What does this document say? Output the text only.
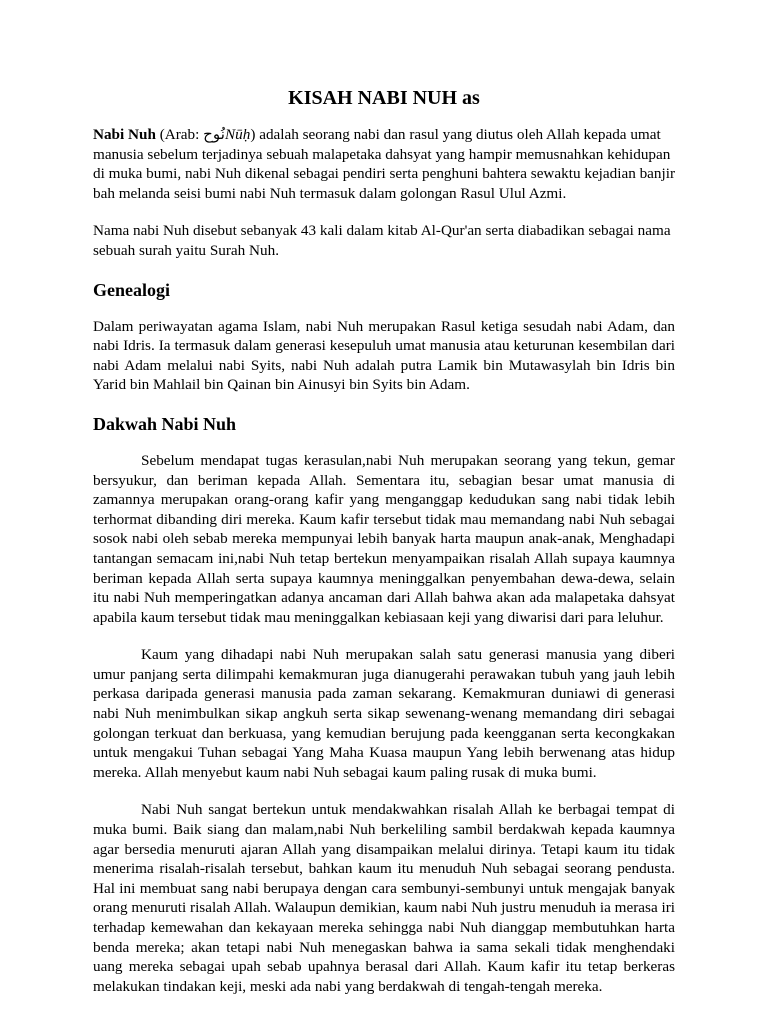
KISAH NABI NUH as

Nabi Nuh (Arab: نُوحNūḥ) adalah seorang nabi dan rasul yang diutus oleh Allah kepada umat manusia sebelum terjadinya sebuah malapetaka dahsyat yang hampir memusnahkan kehidupan di muka bumi, nabi Nuh dikenal sebagai pendiri serta penghuni bahtera sewaktu kejadian banjir bah melanda seisi bumi nabi Nuh termasuk dalam golongan Rasul Ulul Azmi.

Nama nabi Nuh disebut sebanyak 43 kali dalam kitab Al-Qur'an serta diabadikan sebagai nama sebuah surah yaitu Surah Nuh.

Genealogi

Dalam periwayatan agama Islam, nabi Nuh merupakan Rasul ketiga sesudah nabi Adam, dan nabi Idris. Ia termasuk dalam generasi kesepuluh umat manusia atau keturunan kesembilan dari nabi Adam melalui nabi Syits, nabi Nuh adalah putra Lamik bin Mutawasylah bin Idris bin Yarid bin Mahlail bin Qainan bin Ainusyi bin Syits bin Adam.

Dakwah Nabi Nuh

Sebelum mendapat tugas kerasulan,nabi Nuh merupakan seorang yang tekun, gemar bersyukur, dan beriman kepada Allah. Sementara itu, sebagian besar umat manusia di zamannya merupakan orang-orang kafir yang menganggap kedudukan sang nabi tidak lebih terhormat dibanding diri mereka. Kaum kafir tersebut tidak mau memandang nabi Nuh sebagai sosok nabi oleh sebab mereka mempunyai lebih banyak harta maupun anak-anak, Menghadapi tantangan semacam ini,nabi Nuh tetap bertekun menyampaikan risalah Allah supaya kaumnya beriman kepada Allah serta supaya kaumnya meninggalkan penyembahan dewa-dewa, selain itu nabi Nuh memperingatkan adanya ancaman dari Allah bahwa akan ada malapetaka dahsyat apabila kaum tersebut tidak mau meninggalkan kebiasaan keji yang diwarisi dari para leluhur.

Kaum yang dihadapi nabi Nuh merupakan salah satu generasi manusia yang diberi umur panjang serta dilimpahi kemakmuran juga dianugerahi perawakan tubuh yang jauh lebih perkasa daripada generasi manusia pada zaman sekarang. Kemakmuran duniawi di generasi nabi Nuh menimbulkan sikap angkuh serta sikap sewenang-wenang memandang diri sebagai golongan terkuat dan berkuasa, yang kemudian berujung pada keengganan serta kecongkakan untuk mengakui Tuhan sebagai Yang Maha Kuasa maupun Yang lebih berwenang atas hidup mereka. Allah menyebut kaum nabi Nuh sebagai kaum paling rusak di muka bumi.

Nabi Nuh sangat bertekun untuk mendakwahkan risalah Allah ke berbagai tempat di muka bumi. Baik siang dan malam,nabi Nuh berkeliling sambil berdakwah kepada kaumnya agar bersedia menuruti ajaran Allah yang disampaikan melalui dirinya. Tetapi kaum itu tidak menerima risalah-risalah tersebut, bahkan kaum itu menuduh Nuh sebagai seorang pendusta. Hal ini membuat sang nabi berupaya dengan cara sembunyi-sembunyi untuk mengajak banyak orang menuruti risalah Allah. Walaupun demikian, kaum nabi Nuh justru menuduh ia merasa iri terhadap kemewahan dan kekayaan mereka sehingga nabi Nuh dianggap membutuhkan harta benda mereka; akan tetapi nabi Nuh menegaskan bahwa ia sama sekali tidak menghendaki uang mereka sebagai upah sebab upahnya berasal dari Allah. Kaum kafir itu tetap berkeras melakukan tindakan keji, meski ada nabi yang berdakwah di tengah-tengah mereka.
